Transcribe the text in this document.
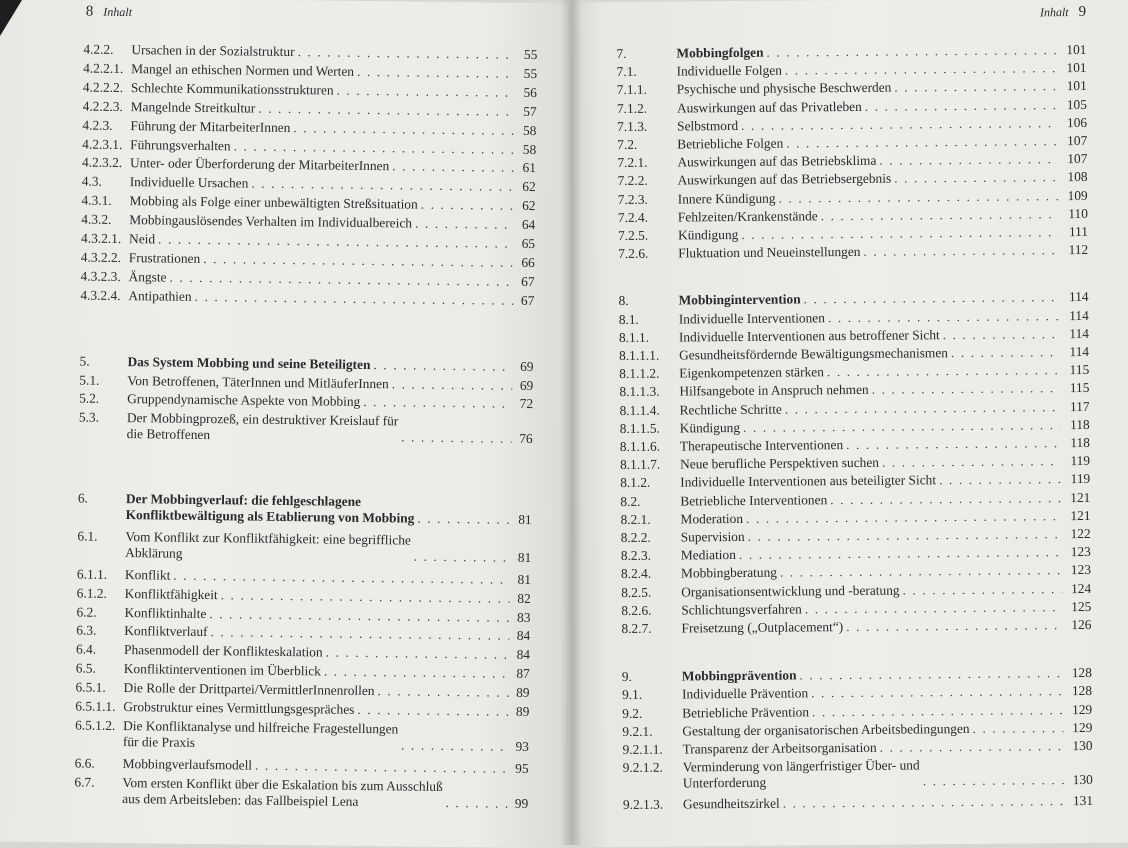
8 Inhalt
4.2.2.	Ursachen in der Sozialstruktur . . .	55
4.2.2.1. Mangel an ethischen Normen und Werten . . .	55
4.2.2.2. Schlechte Kommunikationsstrukturen . . .	56
4.2.2.3. Mangelnde Streitkultur . . .	57
4.2.3.	Führung der MitarbeiterInnen . . .	58
4.2.3.1. Führungsverhalten . . .	58
4.2.3.2. Unter- oder Überforderung der MitarbeiterInnen . . .	61
4.3.	Individuelle Ursachen . . .	62
4.3.1.	Mobbing als Folge einer unbewältigten Streßsituation . . .	62
4.3.2.	Mobbingauslösendes Verhalten im Individualbereich . . .	64
4.3.2.1. Neid . . .	65
4.3.2.2. Frustrationen . . .	66
4.3.2.3. Ängste . . .	67
4.3.2.4. Antipathien . . .	67
5.	Das System Mobbing und seine Beteiligten . . .	69
5.1.	Von Betroffenen, TäterInnen und MitläuferInnen . . .	69
5.2.	Gruppendynamische Aspekte von Mobbing . . .	72
5.3.	Der Mobbingprozeß, ein destruktiver Kreislauf für
die Betroffenen . . .	76
6.	Der Mobbingverlauf: die fehlgeschlagene
Konfliktbewältigung als Etablierung von Mobbing . . .	81
6.1.	Vom Konflikt zur Konfliktfähigkeit: eine begriffliche
Abklärung . . .	81
6.1.1.	Konflikt . . .	81
6.1.2.	Konfliktfähigkeit . . .	82
6.2.	Konfliktinhalte . . .	83
6.3.	Konfliktverlauf . . .	84
6.4.	Phasenmodell der Konflikteskalation . . .	84
6.5.	Konfliktinterventionen im Überblick . . .	87
6.5.1.	Die Rolle der Drittpartei/VermittlerInnenrollen . . .	89
6.5.1.1. Grobstruktur eines Vermittlungsgespräches . . .	89
6.5.1.2. Die Konfliktanalyse und hilfreiche Fragestellungen
für die Praxis . . .	93
6.6.	Mobbingverlaufsmodell . . .	95
6.7.	Vom ersten Konflikt über die Eskalation bis zum Ausschluß
aus dem Arbeitsleben: das Fallbeispiel Lena . . .	99
Inhalt 9
7.	Mobbingfolgen . . .	101
7.1.	Individuelle Folgen . . .	101
7.1.1.	Psychische und physische Beschwerden . . .	101
7.1.2.	Auswirkungen auf das Privatleben . . .	105
7.1.3.	Selbstmord . . .	106
7.2.	Betriebliche Folgen . . .	107
7.2.1.	Auswirkungen auf das Betriebsklima . . .	107
7.2.2.	Auswirkungen auf das Betriebsergebnis . . .	108
7.2.3.	Innere Kündigung . . .	109
7.2.4.	Fehlzeiten/Krankenstände . . .	110
7.2.5.	Kündigung . . .	111
7.2.6.	Fluktuation und Neueinstellungen . . .	112
8.	Mobbingintervention . . .	114
8.1.	Individuelle Interventionen . . .	114
8.1.1.	Individuelle Interventionen aus betroffener Sicht . . .	114
8.1.1.1.	Gesundheitsfördernde Bewältigungsmechanismen . . .	114
8.1.1.2.	Eigenkompetenzen stärken . . .	115
8.1.1.3.	Hilfsangebote in Anspruch nehmen . . .	115
8.1.1.4.	Rechtliche Schritte . . .	117
8.1.1.5.	Kündigung . . .	118
8.1.1.6.	Therapeutische Interventionen . . .	118
8.1.1.7.	Neue berufliche Perspektiven suchen . . .	119
8.1.2.	Individuelle Interventionen aus beteiligter Sicht . . .	119
8.2.	Betriebliche Interventionen . . .	121
8.2.1.	Moderation . . .	121
8.2.2.	Supervision . . .	122
8.2.3.	Mediation . . .	123
8.2.4.	Mobbingberatung . . .	123
8.2.5.	Organisationsentwicklung und -beratung . . .	124
8.2.6.	Schlichtungsverfahren . . .	125
8.2.7.	Freisetzung („Outplacement“) . . .	126
9.	Mobbingprävention . . .	128
9.1.	Individuelle Prävention . . .	128
9.2.	Betriebliche Prävention . . .	129
9.2.1.	Gestaltung der organisatorischen Arbeitsbedingungen . . .	129
9.2.1.1.	Transparenz der Arbeitsorganisation . . .	130
9.2.1.2.	Verminderung von längerfristiger Über- und
Unterforderung . . .	130
9.2.1.3.	Gesundheitszirkel . . .	131
